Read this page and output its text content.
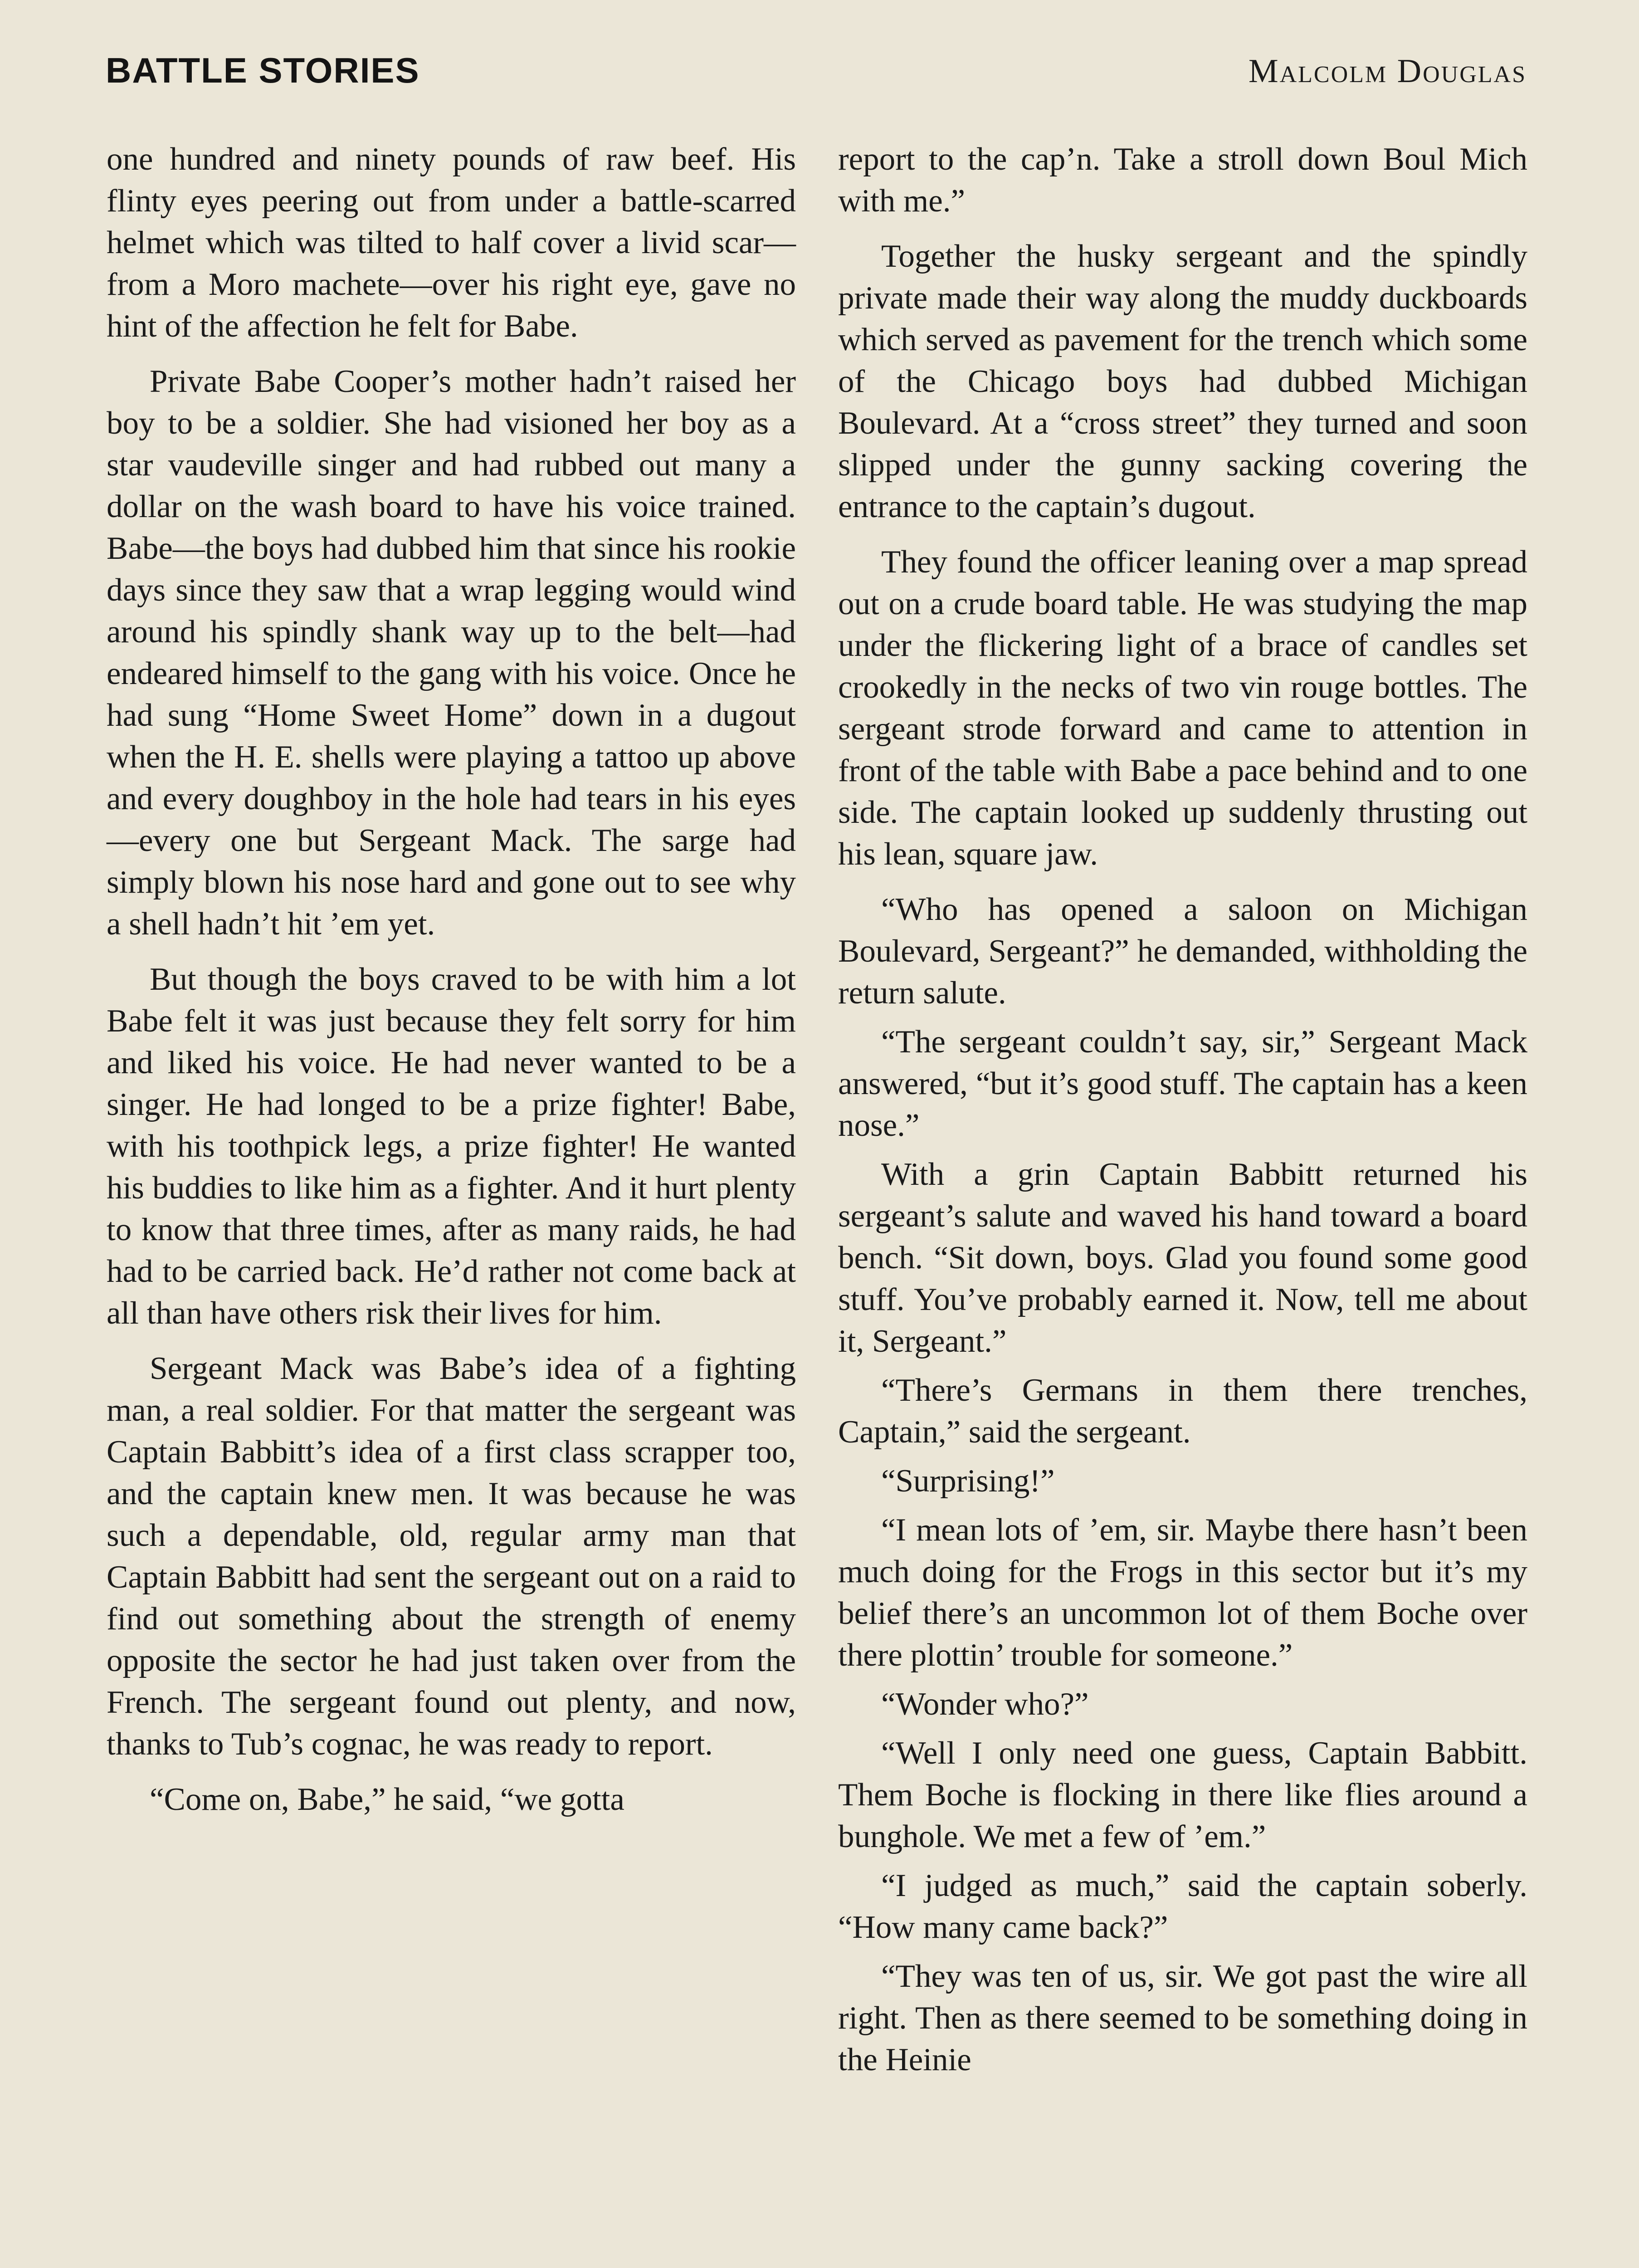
BATTLE STORIES	Malcolm Douglas

one hundred and ninety pounds of raw beef. His flinty eyes peering out from under a battle-scarred helmet which was tilted to half cover a livid scar—from a Moro machete—over his right eye, gave no hint of the affection he felt for Babe.

Private Babe Cooper’s mother hadn’t raised her boy to be a soldier. She had visioned her boy as a star vaudeville singer and had rubbed out many a dollar on the wash board to have his voice trained. Babe—the boys had dubbed him that since his rookie days since they saw that a wrap legging would wind around his spindly shank way up to the belt—had endeared himself to the gang with his voice. Once he had sung “Home Sweet Home” down in a dugout when the H. E. shells were playing a tattoo up above and every doughboy in the hole had tears in his eyes—every one but Sergeant Mack. The sarge had simply blown his nose hard and gone out to see why a shell hadn’t hit ’em yet.

But though the boys craved to be with him a lot Babe felt it was just because they felt sorry for him and liked his voice. He had never wanted to be a singer. He had longed to be a prize fighter! Babe, with his toothpick legs, a prize fighter! He wanted his buddies to like him as a fighter. And it hurt plenty to know that three times, after as many raids, he had had to be carried back. He’d rather not come back at all than have others risk their lives for him.

Sergeant Mack was Babe’s idea of a fighting man, a real soldier. For that matter the sergeant was Captain Babbitt’s idea of a first class scrapper too, and the captain knew men. It was because he was such a dependable, old, regular army man that Captain Babbitt had sent the sergeant out on a raid to find out something about the strength of enemy opposite the sector he had just taken over from the French. The sergeant found out plenty, and now, thanks to Tub’s cognac, he was ready to report.

“Come on, Babe,” he said, “we gotta

report to the cap’n. Take a stroll down Boul Mich with me.”

Together the husky sergeant and the spindly private made their way along the muddy duckboards which served as pavement for the trench which some of the Chicago boys had dubbed Michigan Boulevard. At a “cross street” they turned and soon slipped under the gunny sacking covering the entrance to the captain’s dugout.

They found the officer leaning over a map spread out on a crude board table. He was studying the map under the flickering light of a brace of candles set crookedly in the necks of two vin rouge bottles. The sergeant strode forward and came to attention in front of the table with Babe a pace behind and to one side. The captain looked up suddenly thrusting out his lean, square jaw.

“Who has opened a saloon on Michigan Boulevard, Sergeant?” he demanded, withholding the return salute.

“The sergeant couldn’t say, sir,” Sergeant Mack answered, “but it’s good stuff. The captain has a keen nose.”

With a grin Captain Babbitt returned his sergeant’s salute and waved his hand toward a board bench. “Sit down, boys. Glad you found some good stuff. You’ve probably earned it. Now, tell me about it, Sergeant.”

“There’s Germans in them there trenches, Captain,” said the sergeant.

“Surprising!”

“I mean lots of ’em, sir. Maybe there hasn’t been much doing for the Frogs in this sector but it’s my belief there’s an uncommon lot of them Boche over there plottin’ trouble for someone.”

“Wonder who?”

“Well I only need one guess, Captain Babbitt. Them Boche is flocking in there like flies around a bunghole. We met a few of ’em.”

“I judged as much,” said the captain soberly. “How many came back?”

“They was ten of us, sir. We got past the wire all right. Then as there seemed to be something doing in the Heinie
